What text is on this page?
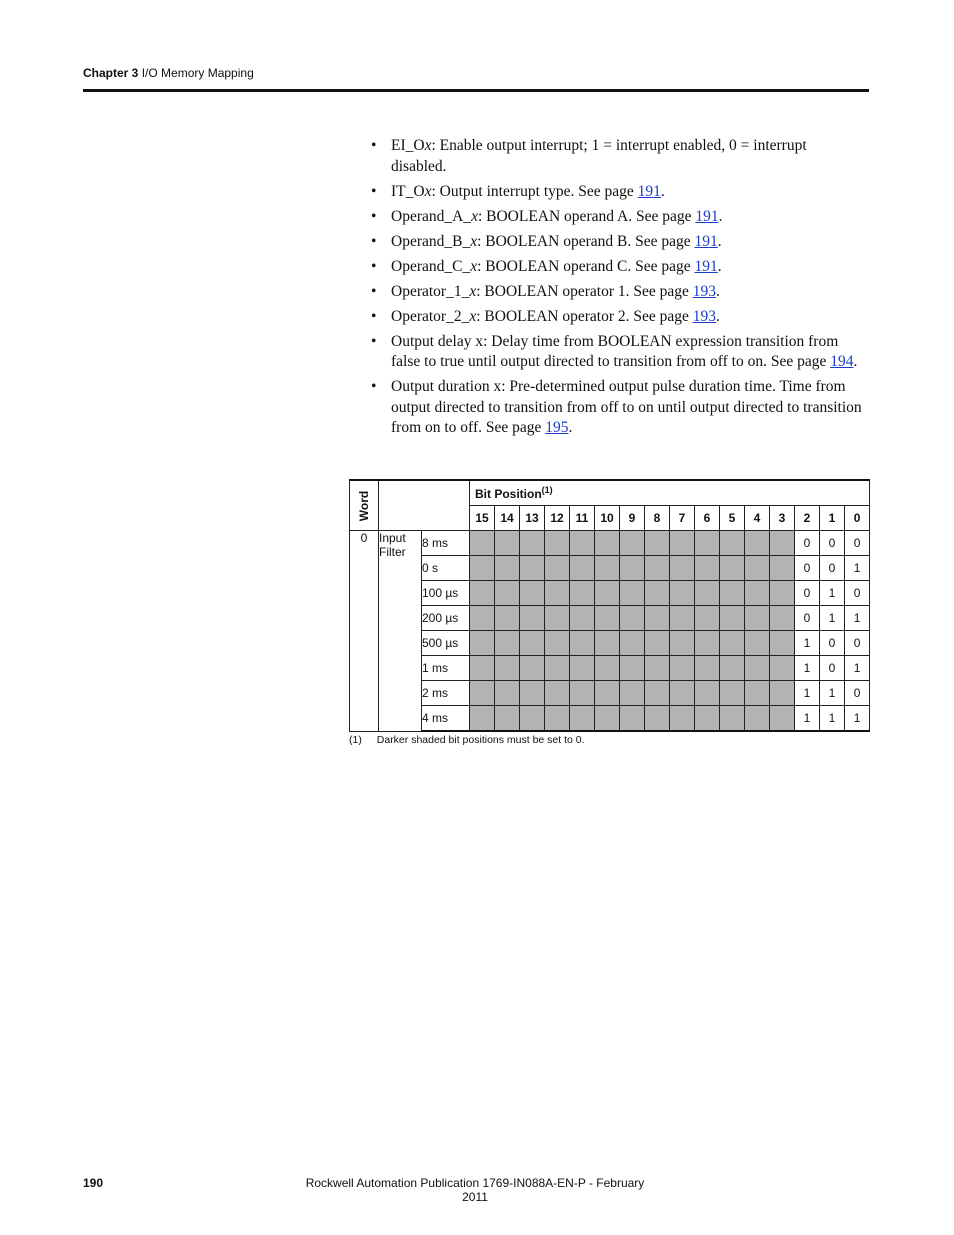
Chapter 3 I/O Memory Mapping
• EI_Ox: Enable output interrupt; 1 = interrupt enabled, 0 = interrupt disabled.
• IT_Ox: Output interrupt type. See page 191.
• Operand_A_x: BOOLEAN operand A. See page 191.
• Operand_B_x: BOOLEAN operand B. See page 191.
• Operand_C_x: BOOLEAN operand C. See page 191.
• Operator_1_x: BOOLEAN operator 1. See page 193.
• Operator_2_x: BOOLEAN operator 2. See page 193.
• Output delay x: Delay time from BOOLEAN expression transition from false to true until output directed to transition from off to on. See page 194.
• Output duration x: Pre-determined output pulse duration time. Time from output directed to transition from off to on until output directed to transition from on to off. See page 195.
Word			Bit Position$^{(1)}$
			15	14	13	12	11	10	9	8	7	6	5	4	3	2	1	0
0	Input Filter	8 ms														0	0	0
		0 s														0	0	1
		100 µs														0	1	0
		200 µs														0	1	1
		500 µs														1	0	0
		1 ms														1	0	1
		2 ms														1	1	0
		4 ms														1	1	1
(1) Darker shaded bit positions must be set to 0.
190	Rockwell Automation Publication 1769-IN088A-EN-P - February 2011
